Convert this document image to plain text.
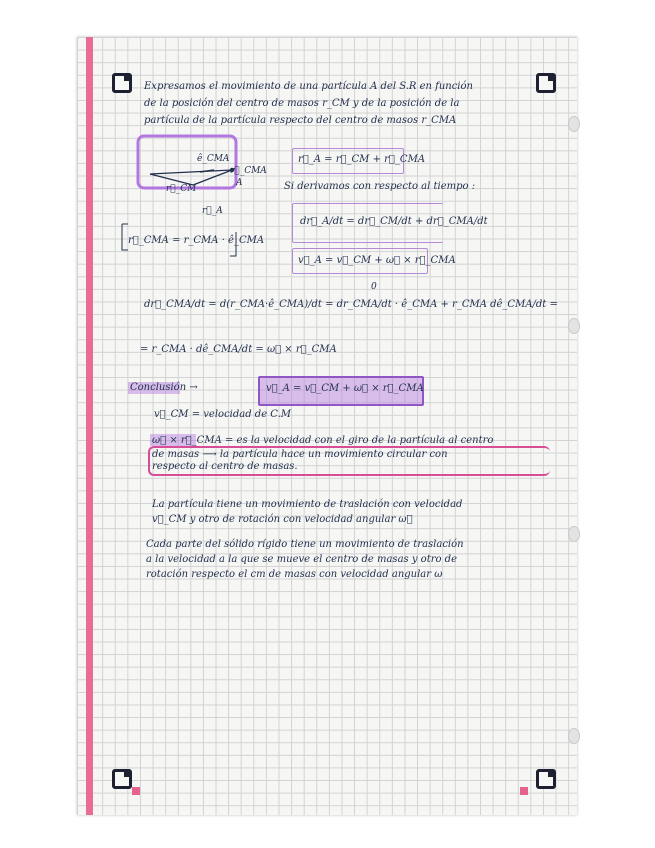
Expresamos el movimiento de una partícula A del S.R en función
de la posición del centro de masos r_CM y de la posición de la
partícula de la partícula respecto del centro de masos r_CMA
ê_CMA
r⃗_CMA
A
r⃗_CM
r⃗_A
r⃗_A = r⃗_CM + r⃗_CMA
Si derivamos con respecto al tiempo :
dr⃗_A/dt = dr⃗_CM/dt + dr⃗_CMA/dt
v⃗_A = v⃗_CM + ω⃗ × r⃗_CMA
r⃗_CMA = r_CMA · ê_CMA
0
dr⃗_CMA/dt = d(r_CMA·ê_CMA)/dt = dr_CMA/dt · ê_CMA + r_CMA dê_CMA/dt =
= r_CMA · dê_CMA/dt = ω⃗ × r⃗_CMA
Conclusión →	v⃗_A = v⃗_CM + ω⃗ × r⃗_CMA
v⃗_CM = velocidad de C.M
ω⃗ × r⃗_CMA = es la velocidad con el giro de la partícula al centro
de masas ⟶ la partícula hace un movimiento circular con
respecto al centro de masas.
La partícula tiene un movimiento de traslación con velocidad
v⃗_CM y otro de rotación con velocidad angular ω⃗
Cada parte del sólido rígido tiene un movimiento de traslación
a la velocidad a la que se mueve el centro de masas y otro de
rotación respecto el cm de masas con velocidad angular ω
